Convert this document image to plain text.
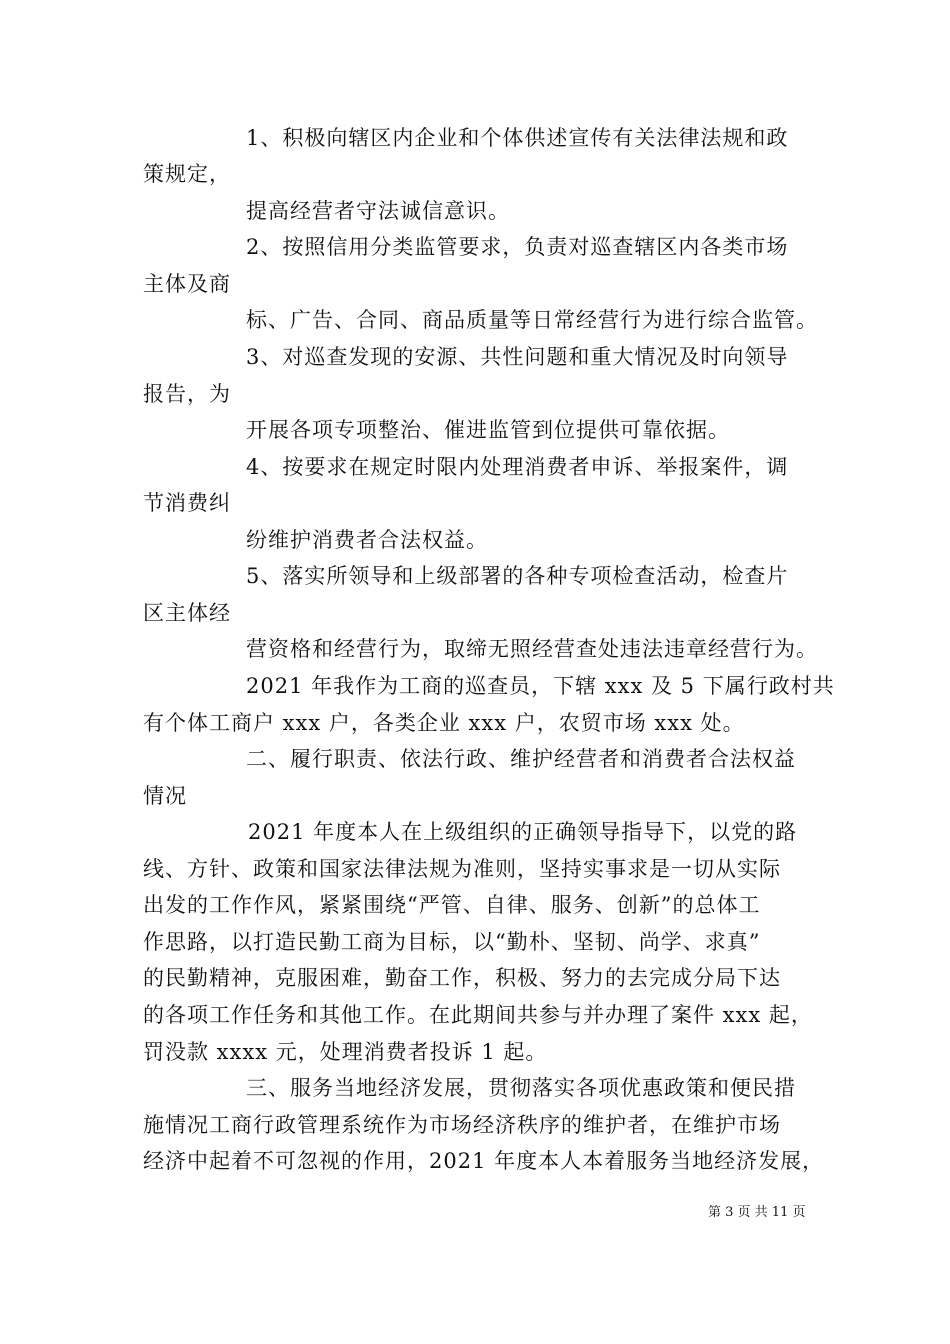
1、积极向辖区内企业和个体供述宣传有关法律法规和政
策规定，
提高经营者守法诚信意识。
2、按照信用分类监管要求，负责对巡查辖区内各类市场
主体及商
标、广告、合同、商品质量等日常经营行为进行综合监管。
3、对巡查发现的安源、共性问题和重大情况及时向领导
报告，为
开展各项专项整治、催进监管到位提供可靠依据。
4、按要求在规定时限内处理消费者申诉、举报案件，调
节消费纠
纷维护消费者合法权益。
5、落实所领导和上级部署的各种专项检查活动，检查片
区主体经
营资格和经营行为，取缔无照经营查处违法违章经营行为。
2021 年我作为工商的巡查员，下辖 xxx 及 5 下属行政村共
有个体工商户 xxx 户，各类企业 xxx 户，农贸市场 xxx 处。
二、履行职责、依法行政、维护经营者和消费者合法权益
情况
2021 年度本人在上级组织的正确领导指导下，以党的路
线、方针、政策和国家法律法规为准则，坚持实事求是一切从实际
出发的工作作风，紧紧围绕“严管、自律、服务、创新”的总体工
作思路，以打造民勤工商为目标，以“勤朴、坚韧、尚学、求真”
的民勤精神，克服困难，勤奋工作，积极、努力的去完成分局下达
的各项工作任务和其他工作。在此期间共参与并办理了案件 xxx 起，
罚没款 xxxx 元，处理消费者投诉 1 起。
三、服务当地经济发展，贯彻落实各项优惠政策和便民措
施情况工商行政管理系统作为市场经济秩序的维护者，在维护市场
经济中起着不可忽视的作用，2021 年度本人本着服务当地经济发展，
第 3 页 共 11 页
